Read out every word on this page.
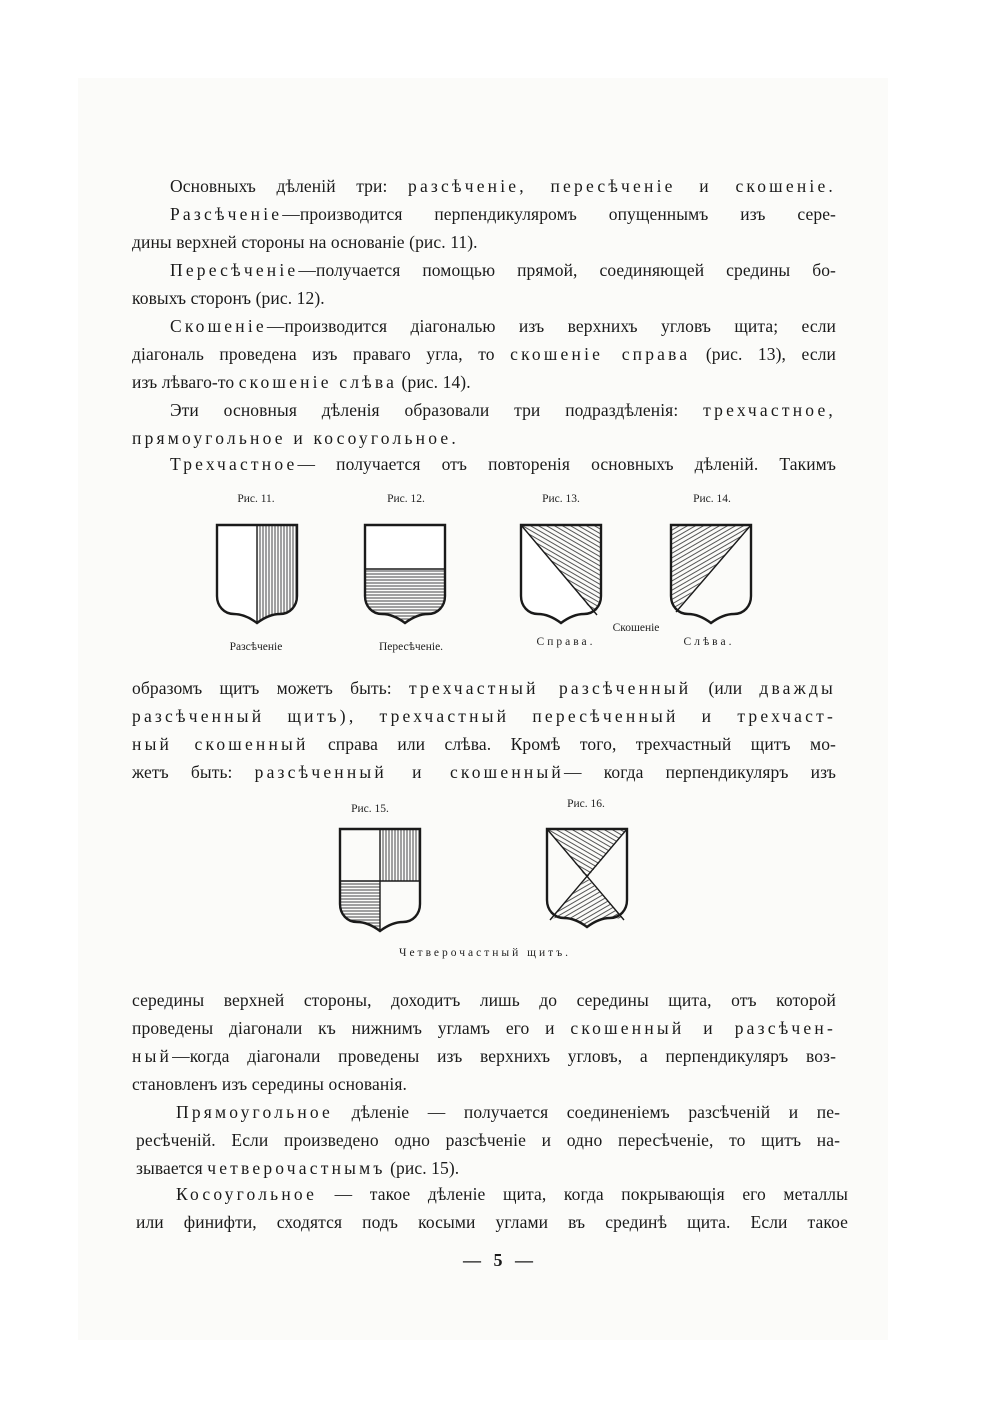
Основныхъ дѣленій три: разсѣченіе, пересѣченіе и скошеніе.

Разсѣченіе—производится перпендикуляромъ опущеннымъ изъ сере-

дины верхней стороны на основаніе (рис. 11).

Пересѣченіе—получается помощью прямой, соединяющей средины бо-

ковыхъ сторонъ (рис. 12).

Скошеніе—производится діагональю изъ верхнихъ угловъ щита; если

діагональ проведена изъ праваго угла, то скошеніе справа (рис. 13), если

изъ лѣваго-то скошеніе слѣва (рис. 14).

Эти основныя дѣленія образовали три подраздѣленія: трехчастное,

прямоугольное и косоугольное.

Трехчастное— получается отъ повторенія основныхъ дѣленій. Такимъ

Рис. 11.	Рис. 12.	Рис. 13.	Рис. 14.
Разсѣченіе	Пересѣченіе.
Скошеніе
Справа.	Слѣва.

образомъ щитъ можетъ быть: трехчастный разсѣченный (или дважды

разсѣченный щитъ), трехчастный пересѣченный и трехчаст-

ный скошенный справа или слѣва. Кромѣ того, трехчастный щитъ мо-

жетъ быть: разсѣченный и скошенный— когда перпендикуляръ изъ

Рис. 15.	Рис. 16.
Четверочастный щитъ.

середины верхней стороны, доходитъ лишь до середины щита, отъ которой

проведены діагонали къ нижнимъ угламъ его и скошенный и разсѣчен-

ный—когда діагонали проведены изъ верхнихъ угловъ, а перпендикуляръ воз-

становленъ изъ середины основанія.

Прямоугольное дѣленіе — получается соединеніемъ разсѣченій и пе-

ресѣченій. Если произведено одно разсѣченіе и одно пересѣченіе, то щитъ на-

зывается четверочастнымъ (рис. 15).

Косоугольное — такое дѣленіе щита, когда покрывающія его металлы

или финифти, сходятся подъ косыми углами въ срединѣ щита. Если такое

— 5 —
